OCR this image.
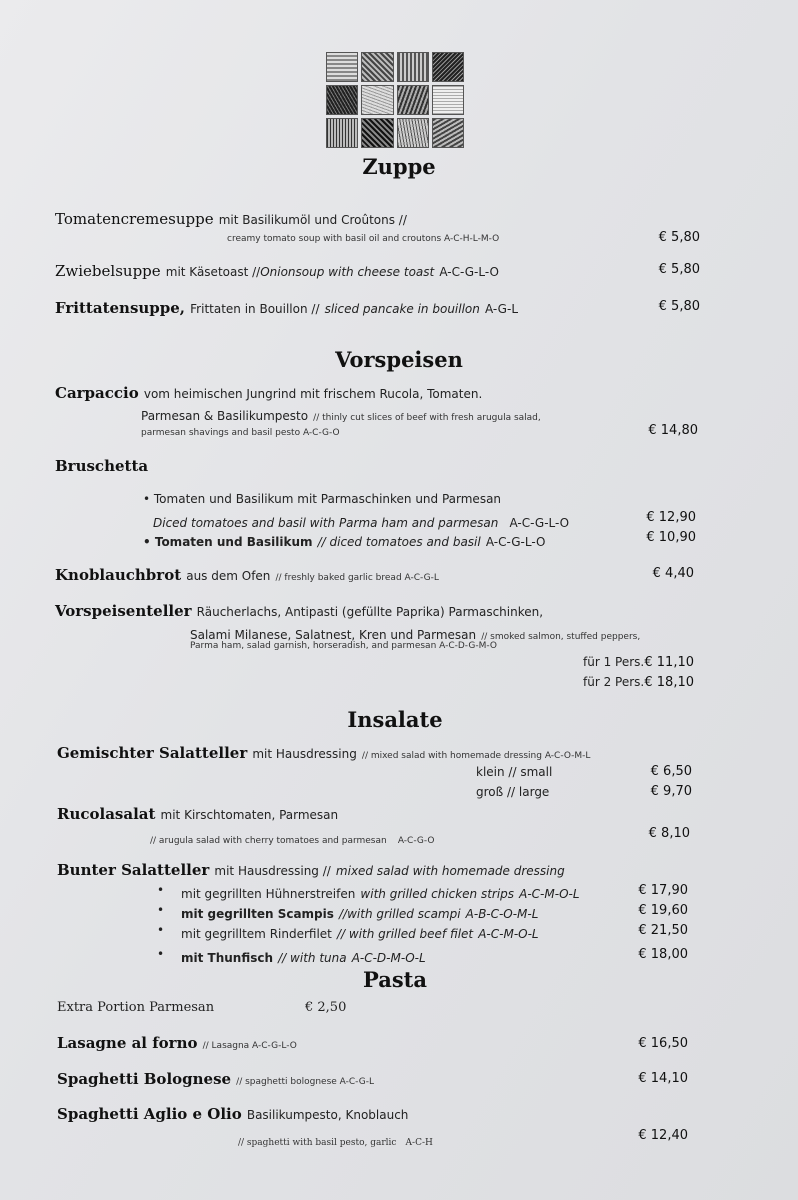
Zuppe
Tomatencremesuppe mit Basilikumöl und Croûtons //
creamy tomato soup with basil oil and croutons A-C-H-L-M-O	€ 5,80
Zwiebelsuppe mit Käsetoast //Onionsoup with cheese toast A-C-G-L-O	€ 5,80
Frittatensuppe, Frittaten in Bouillon // sliced pancake in bouillon A-G-L	€ 5,80
Vorspeisen
Carpaccio vom heimischen Jungrind mit frischem Rucola, Tomaten.
Parmesan & Basilikumpesto // thinly cut slices of beef with fresh arugula salad,
parmesan shavings and basil pesto A-C-G-O	€ 14,80
Bruschetta
• Tomaten und Basilikum mit Parmaschinken und Parmesan
Diced tomatoes and basil with Parma ham and parmesan A-C-G-L-O	€ 12,90
• Tomaten und Basilikum // diced tomatoes and basil A-C-G-L-O	€ 10,90
Knoblauchbrot aus dem Ofen // freshly baked garlic bread A-C-G-L	€ 4,40
Vorspeisenteller Räucherlachs, Antipasti (gefüllte Paprika) Parmaschinken,
Salami Milanese, Salatnest, Kren und Parmesan // smoked salmon, stuffed peppers,
Parma ham, salad garnish, horseradish, and parmesan A-C-D-G-M-O
für 1 Pers. € 11,10
für 2 Pers. € 18,10
Insalate
Gemischter Salatteller mit Hausdressing // mixed salad with homemade dressing A-C-O-M-L
klein // small	€ 6,50
groß // large	€ 9,70
Rucolasalat mit Kirschtomaten, Parmesan
// arugula salad with cherry tomatoes and parmesan A-C-G-O	€ 8,10
Bunter Salatteller mit Hausdressing // mixed salad with homemade dressing
• mit gegrillten Hühnerstreifen with grilled chicken strips A-C-M-O-L	€ 17,90
• mit gegrillten Scampis //with grilled scampi A-B-C-O-M-L	€ 19,60
• mit gegrilltem Rinderfilet // with grilled beef filet A-C-M-O-L	€ 21,50
• mit Thunfisch // with tuna A-C-D-M-O-L	€ 18,00
Pasta
Extra Portion Parmesan	€ 2,50
Lasagne al forno // Lasagna A-C-G-L-O	€ 16,50
Spaghetti Bolognese // spaghetti bolognese A-C-G-L	€ 14,10
Spaghetti Aglio e Olio Basilikumpesto, Knoblauch
// spaghetti with basil pesto, garlic A-C-H	€ 12,40
